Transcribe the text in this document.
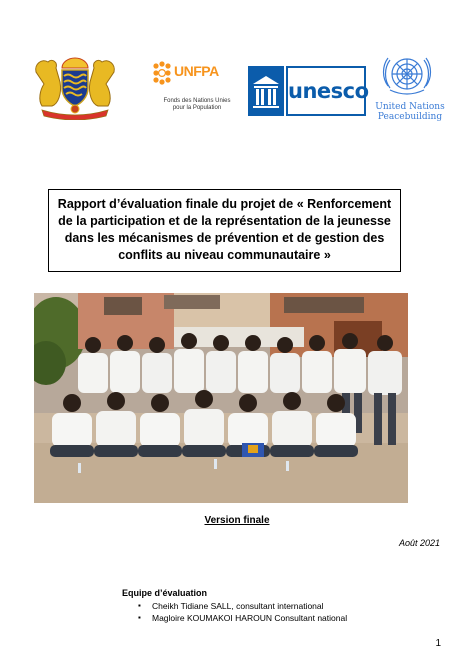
UNFPA
Fonds des Nations Unies
pour la Population
unesco
United Nations
Peacebuilding
Rapport d’évaluation finale du projet de « Renforcement de la participation et de la représentation de la jeunesse dans les mécanismes de prévention et de gestion des conflits au niveau communautaire »
Version finale
Août 2021
Equipe d’évaluation
▪ Cheikh Tidiane SALL, consultant international
▪ Magloire KOUMAKOI HAROUN Consultant national
1
